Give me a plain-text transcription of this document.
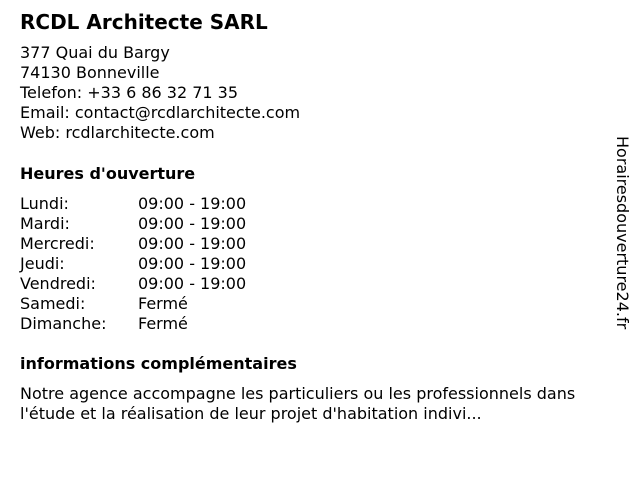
RCDL Architecte SARL
377 Quai du Bargy
74130 Bonneville
Telefon: +33 6 86 32 71 35
Email: contact@rcdlarchitecte.com
Web: rcdlarchitecte.com
Heures d'ouverture
Lundi:	09:00 - 19:00
Mardi:	09:00 - 19:00
Mercredi:	09:00 - 19:00
Jeudi:	09:00 - 19:00
Vendredi:	09:00 - 19:00
Samedi:	Fermé
Dimanche:	Fermé
informations complémentaires
Notre agence accompagne les particuliers ou les professionnels dans l'étude et la réalisation de leur projet d'habitation indivi...
Horairesdouverture24.fr
